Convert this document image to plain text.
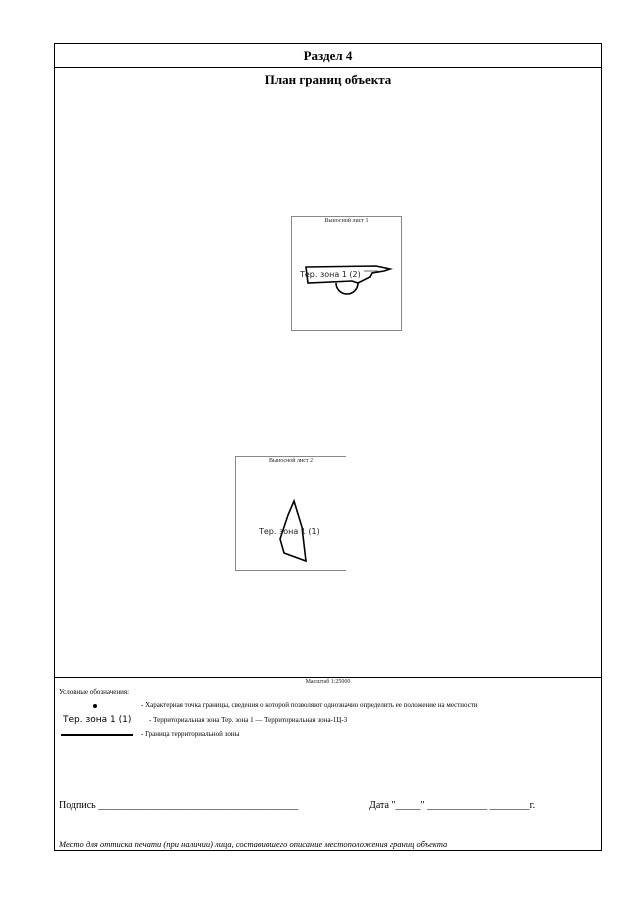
Раздел 4
План границ объекта
Выносной лист 1
Тер. зона 1 (2)
Выносной лист 2
Тер. зона 1 (1)
Масштаб 1:25000
Условные обозначения:
- Характерная точка границы, сведения о которой позволяют однозначно определить ее положение на местности
Тер. зона 1 (1)	- Территориальная зона Тер. зона 1 — Территориальная зона-1Ц-3
- Граница территориальной зоны
Подпись ________________________________________	Дата "_____" ____________ ________г.
Место для оттиска печати (при наличии) лица, составившего описание местоположения границ объекта
